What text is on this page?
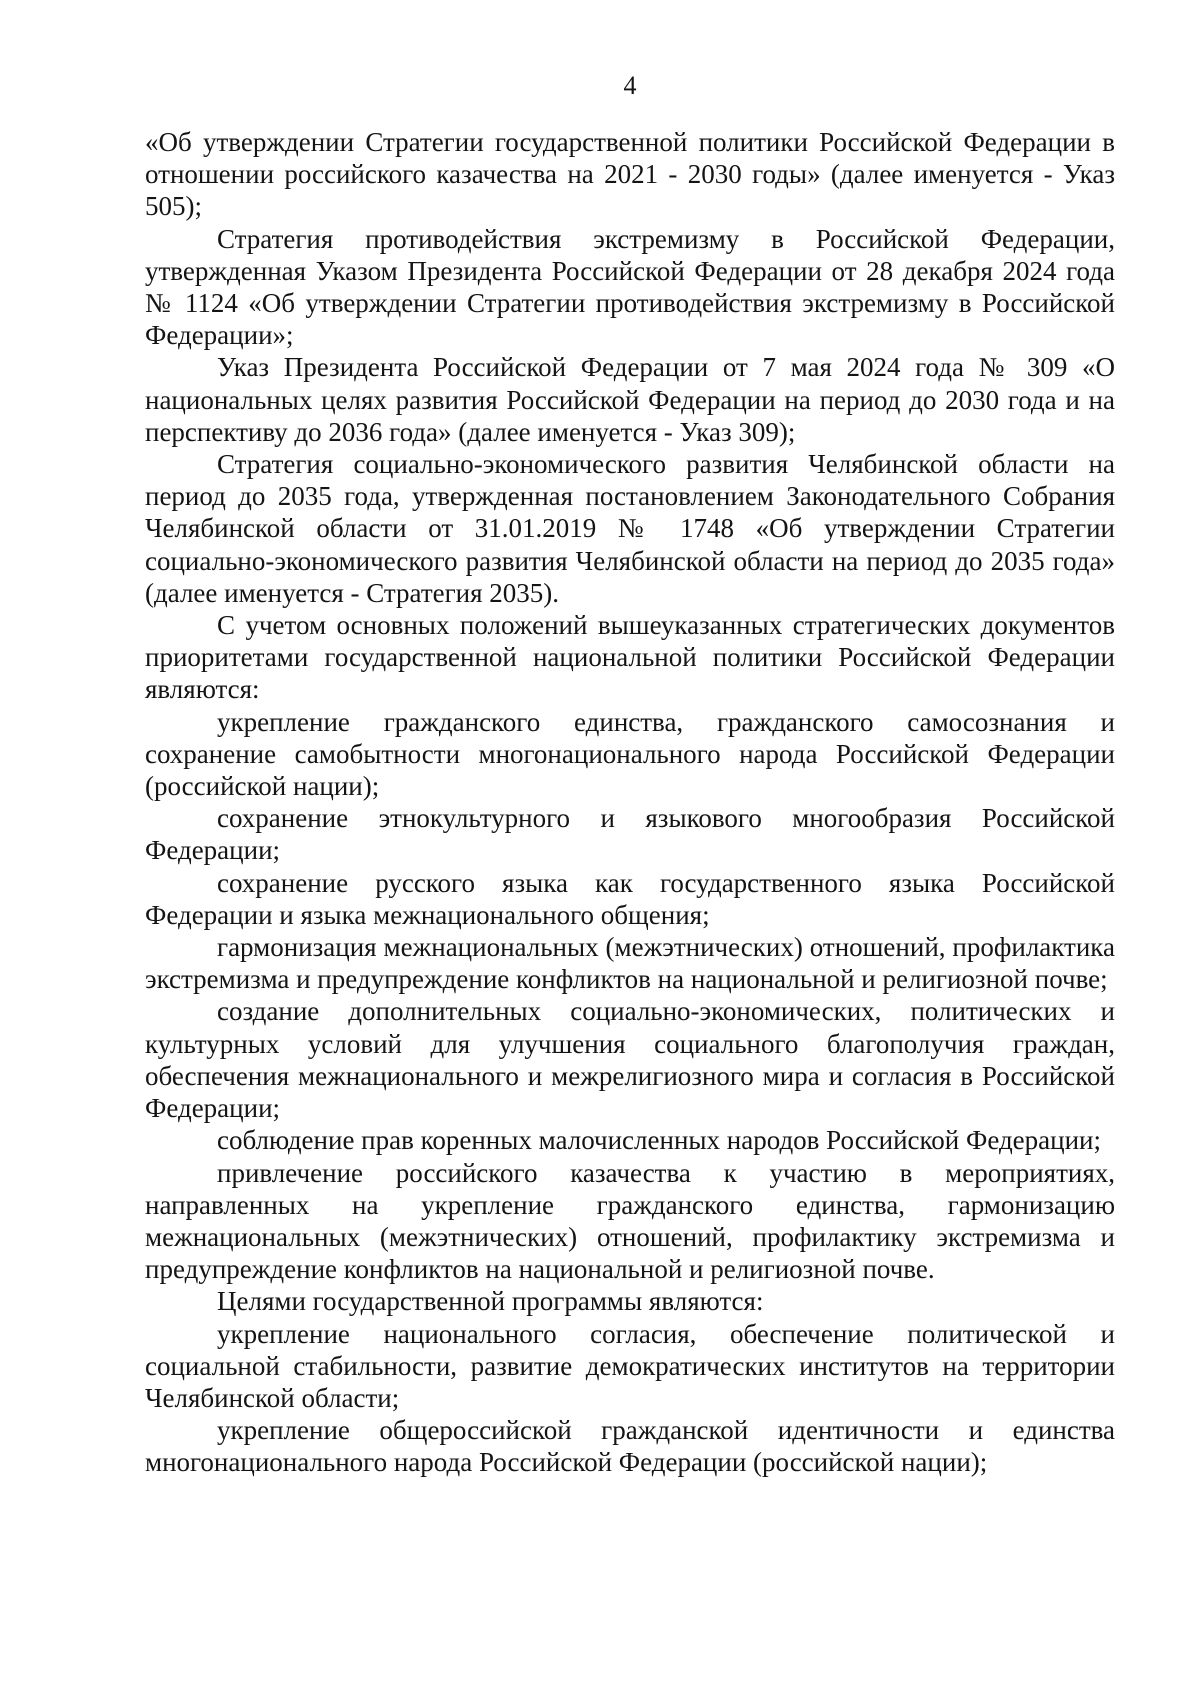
4

«Об утверждении Стратегии государственной политики Российской Федерации в отношении российского казачества на 2021 - 2030 годы» (далее именуется - Указ 505);

Стратегия противодействия экстремизму в Российской Федерации, утвержденная Указом Президента Российской Федерации от 28 декабря 2024 года № 1124 «Об утверждении Стратегии противодействия экстремизму в Российской Федерации»;

Указ Президента Российской Федерации от 7 мая 2024 года № 309 «О национальных целях развития Российской Федерации на период до 2030 года и на перспективу до 2036 года» (далее именуется - Указ 309);

Стратегия социально-экономического развития Челябинской области на период до 2035 года, утвержденная постановлением Законодательного Собрания Челябинской области от 31.01.2019 № 1748 «Об утверждении Стратегии социально-экономического развития Челябинской области на период до 2035 года» (далее именуется - Стратегия 2035).

С учетом основных положений вышеуказанных стратегических документов приоритетами государственной национальной политики Российской Федерации являются:

укрепление гражданского единства, гражданского самосознания и сохранение самобытности многонационального народа Российской Федерации (российской нации);

сохранение этнокультурного и языкового многообразия Российской Федерации;

сохранение русского языка как государственного языка Российской Федерации и языка межнационального общения;

гармонизация межнациональных (межэтнических) отношений, профилактика экстремизма и предупреждение конфликтов на национальной и религиозной почве;

создание дополнительных социально-экономических, политических и культурных условий для улучшения социального благополучия граждан, обеспечения межнационального и межрелигиозного мира и согласия в Российской Федерации;

соблюдение прав коренных малочисленных народов Российской Федерации;

привлечение российского казачества к участию в мероприятиях, направленных на укрепление гражданского единства, гармонизацию межнациональных (межэтнических) отношений, профилактику экстремизма и предупреждение конфликтов на национальной и религиозной почве.

Целями государственной программы являются:

укрепление национального согласия, обеспечение политической и социальной стабильности, развитие демократических институтов на территории Челябинской области;

укрепление общероссийской гражданской идентичности и единства многонационального народа Российской Федерации (российской нации);
